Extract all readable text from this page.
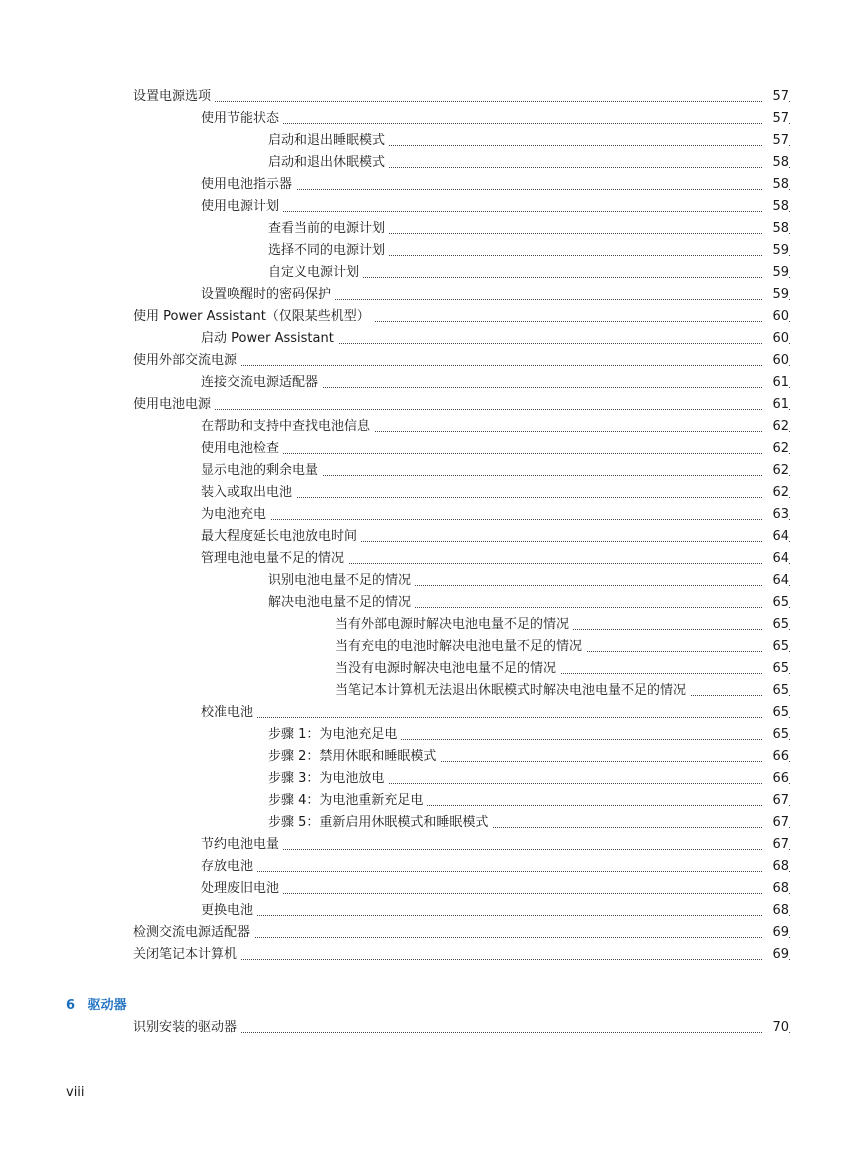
设置电源选项	57
使用节能状态	57
启动和退出睡眠模式	57
启动和退出休眠模式	58
使用电池指示器	58
使用电源计划	58
查看当前的电源计划	58
选择不同的电源计划	59
自定义电源计划	59
设置唤醒时的密码保护	59
使用 Power Assistant（仅限某些机型）	60
启动 Power Assistant	60
使用外部交流电源	60
连接交流电源适配器	61
使用电池电源	61
在帮助和支持中查找电池信息	62
使用电池检查	62
显示电池的剩余电量	62
装入或取出电池	62
为电池充电	63
最大程度延长电池放电时间	64
管理电池电量不足的情况	64
识别电池电量不足的情况	64
解决电池电量不足的情况	65
当有外部电源时解决电池电量不足的情况	65
当有充电的电池时解决电池电量不足的情况	65
当没有电源时解决电池电量不足的情况	65
当笔记本计算机无法退出休眠模式时解决电池电量不足的情况	65
校准电池	65
步骤 1：为电池充足电	65
步骤 2：禁用休眠和睡眠模式	66
步骤 3：为电池放电	66
步骤 4：为电池重新充足电	67
步骤 5：重新启用休眠模式和睡眠模式	67
节约电池电量	67
存放电池	68
处理废旧电池	68
更换电池	68
检测交流电源适配器	69
关闭笔记本计算机	69
6 驱动器
识别安装的驱动器	70
viii
